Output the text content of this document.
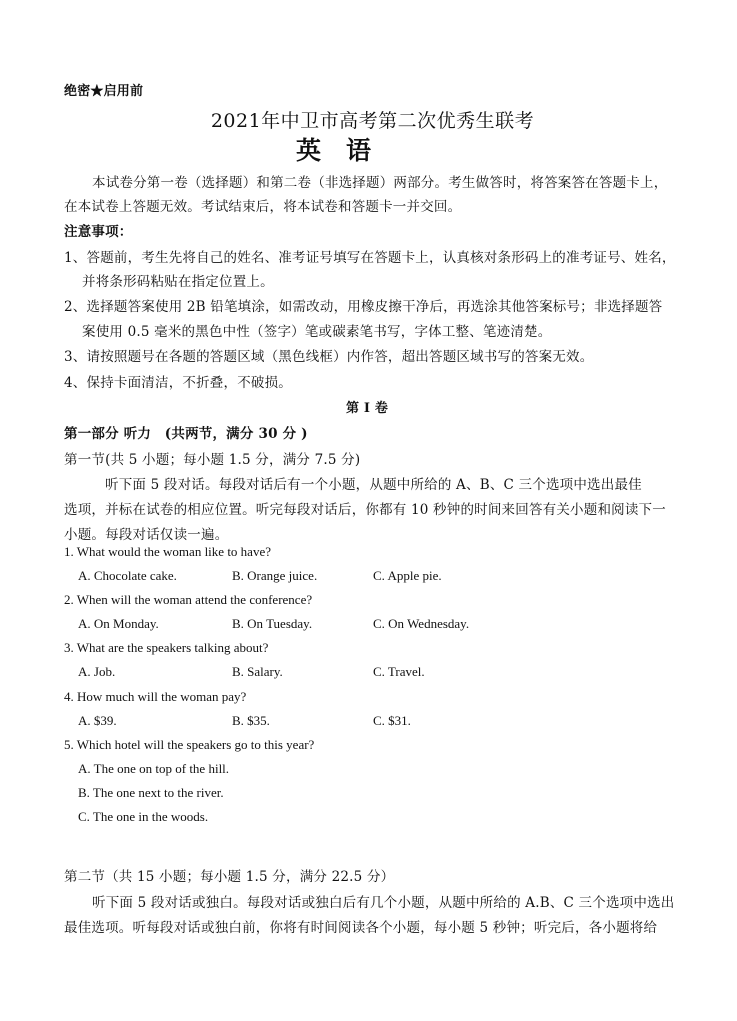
绝密★启用前
2021年中卫市高考第二次优秀生联考
英　语
本试卷分第一卷（选择题）和第二卷（非选择题）两部分。考生做答时，将答案答在答题卡上，
在本试卷上答题无效。考试结束后，将本试卷和答题卡一并交回。
注意事项：
1、答题前，考生先将自己的姓名、准考证号填写在答题卡上，认真核对条形码上的准考证号、姓名，
并将条形码粘贴在指定位置上。
2、选择题答案使用 2B 铅笔填涂，如需改动，用橡皮擦干净后，再选涂其他答案标号；非选择题答
案使用 0.5 毫米的黑色中性（签字）笔或碳素笔书写，字体工整、笔迹清楚。
3、请按照题号在各题的答题区域（黑色线框）内作答，超出答题区域书写的答案无效。
4、保持卡面清洁，不折叠，不破损。
第 I 卷
第一部分 听力　(共两节，满分 30 分 )
第一节(共 5 小题；每小题 1.5 分，满分 7.5 分)
听下面 5 段对话。每段对话后有一个小题，从题中所给的 A、B、C 三个选项中选出最佳
选项，并标在试卷的相应位置。听完每段对话后，你都有 10 秒钟的时间来回答有关小题和阅读下一
小题。每段对话仅读一遍。
1. What would the woman like to have?
A. Chocolate cake.	B. Orange juice.	C. Apple pie.
2. When will the woman attend the conference?
A. On Monday.	B. On Tuesday.	C. On Wednesday.
3. What are the speakers talking about?
A. Job.	B. Salary.	C. Travel.
4. How much will the woman pay?
A. $39.	B. $35.	C. $31.
5. Which hotel will the speakers go to this year?
A. The one on top of the hill.
B. The one next to the river.
C. The one in the woods.
第二节（共 15 小题；每小题 1.5 分，满分 22.5 分）
听下面 5 段对话或独白。每段对话或独白后有几个小题，从题中所给的 A.B、C 三个选项中选出
最佳选项。听每段对话或独白前，你将有时间阅读各个小题，每小题 5 秒钟；听完后，各小题将给
